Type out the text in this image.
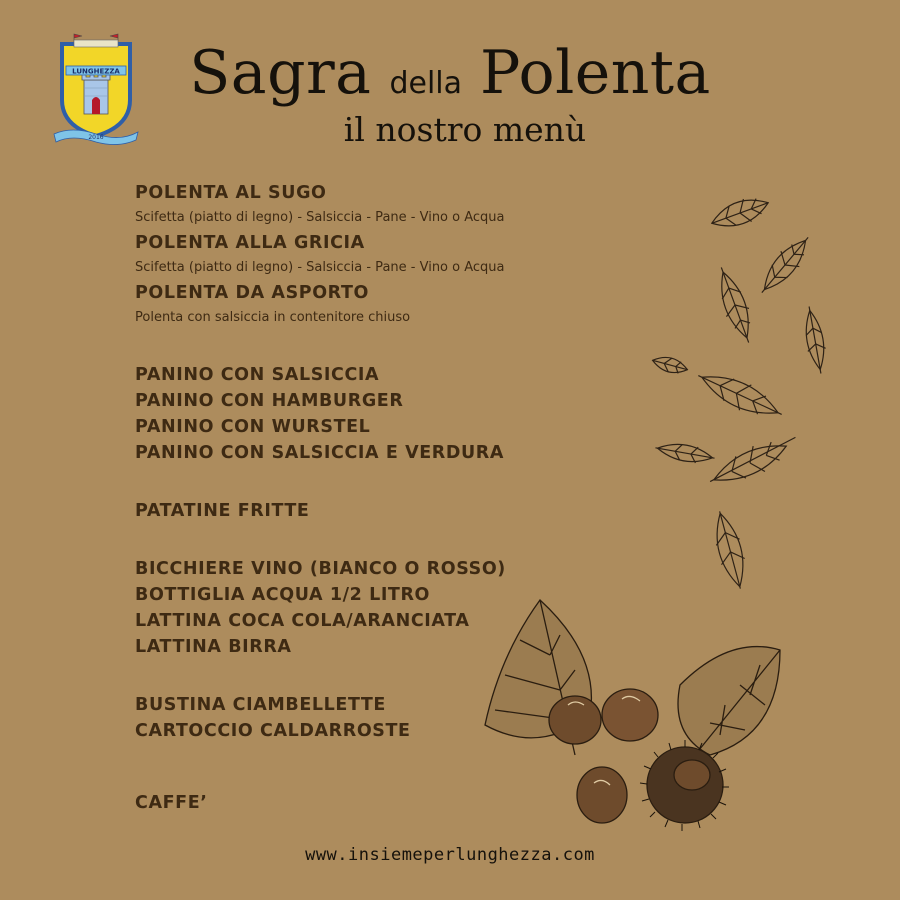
LUNGHEZZA
2016
Sagra della Polenta
il nostro menù
POLENTA AL SUGO
Scifetta (piatto di legno) - Salsiccia - Pane - Vino o Acqua
POLENTA ALLA GRICIA
Scifetta (piatto di legno) - Salsiccia - Pane - Vino o Acqua
POLENTA DA ASPORTO
Polenta con salsiccia in contenitore chiuso
PANINO CON SALSICCIA
PANINO CON HAMBURGER
PANINO CON WURSTEL
PANINO CON SALSICCIA E VERDURA
PATATINE FRITTE
BICCHIERE VINO (BIANCO O ROSSO)
BOTTIGLIA ACQUA 1/2 LITRO
LATTINA COCA COLA/ARANCIATA
LATTINA BIRRA
BUSTINA CIAMBELLETTE
CARTOCCIO CALDARROSTE
CAFFE’
www.insiemeperlunghezza.com
